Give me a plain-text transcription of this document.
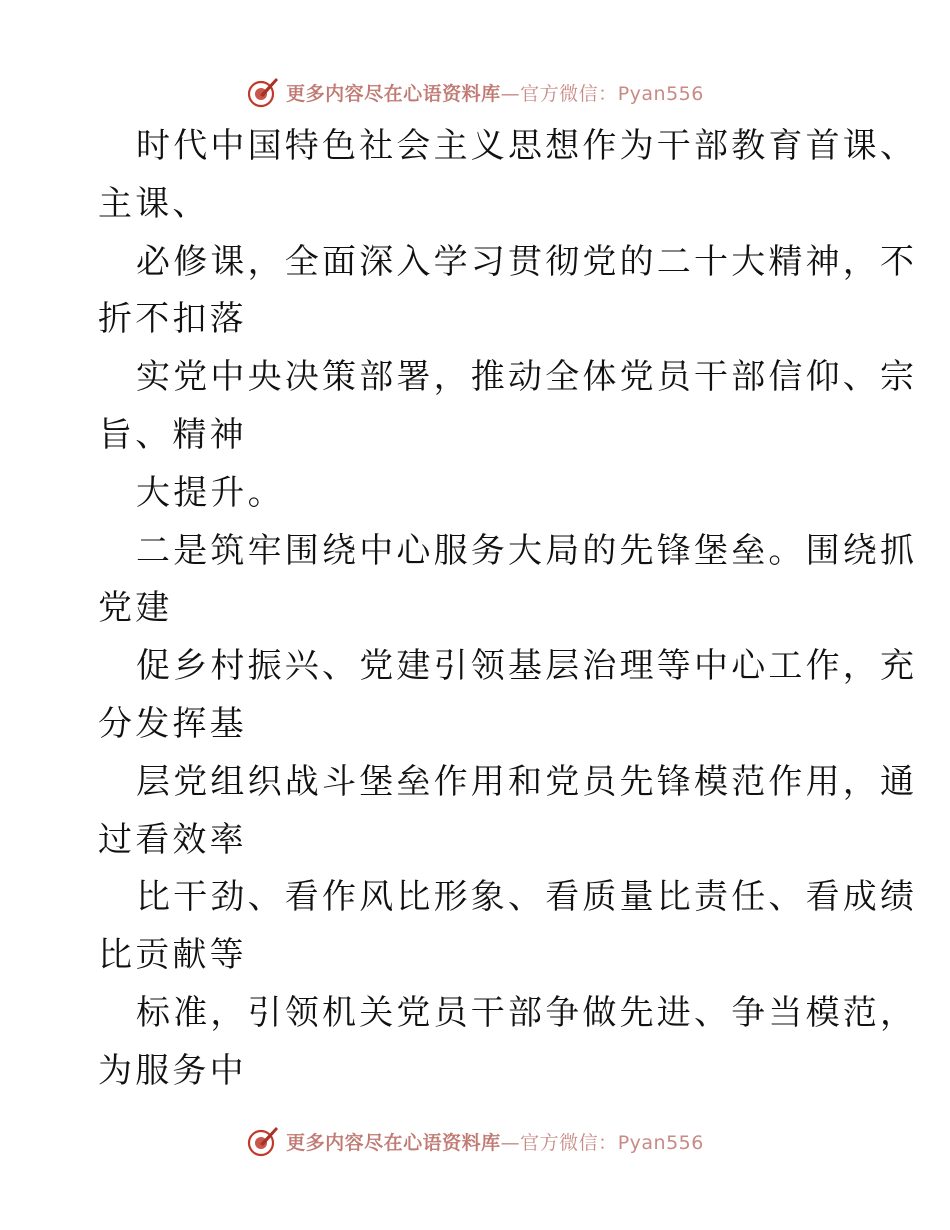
更多内容尽在心语资料库—官方微信：Pyan556
时代中国特色社会主义思想作为干部教育首课、
主课、
必修课，全面深入学习贯彻党的二十大精神，不
折不扣落
实党中央决策部署，推动全体党员干部信仰、宗
旨、精神
大提升。
二是筑牢围绕中心服务大局的先锋堡垒。围绕抓
党建
促乡村振兴、党建引领基层治理等中心工作，充
分发挥基
层党组织战斗堡垒作用和党员先锋模范作用，通
过看效率
比干劲、看作风比形象、看质量比责任、看成绩
比贡献等
标准，引领机关党员干部争做先进、争当模范，
为服务中
更多内容尽在心语资料库—官方微信：Pyan556
